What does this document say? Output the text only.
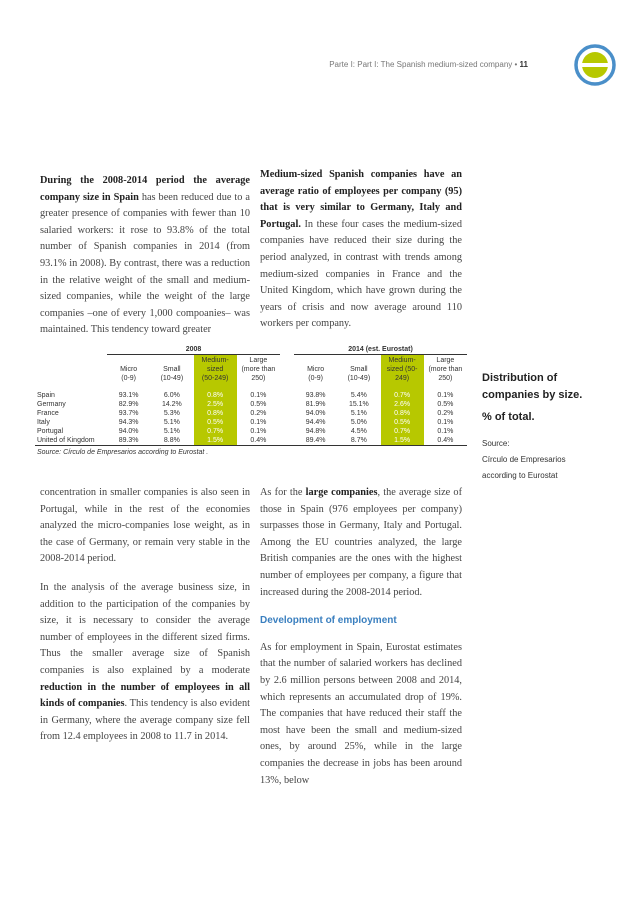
Parte I: Part I: The Spanish medium-sized company • 11

During the 2008-2014 period the average company size in Spain has been reduced due to a greater presence of companies with fewer than 10 salaried workers: it rose to 93.8% of the total number of Spanish companies in 2014 (from 93.1% in 2008). By contrast, there was a reduction in the relative weight of the small and medium-sized companies, while the weight of the large companies –one of every 1,000 compoanies– was maintained. This tendency toward greater

Medium-sized Spanish companies have an average ratio of employees per company (95) that is very similar to Germany, Italy and Portugal. In these four cases the medium-sized companies have reduced their size during the period analyzed, in contrast with trends among medium-sized companies in France and the United Kingdom, which have grown during the years of crisis and now average around 110 workers per company.

	2008					2014 (est. Eurostat)			
			Medium-	Large				Medium-	Large
	Micro	Small	sized	(more than		Micro	Small	sized (50-	(more than
	(0-9)	(10-49)	(50-249)	250)		(0-9)	(10-49)	249)	250)

Spain	93.1%	6.0%	0.8%	0.1%		93.8%	5.4%	0.7%	0.1%
Germany	82.9%	14.2%	2.5%	0.5%		81.9%	15.1%	2.6%	0.5%
France	93.7%	5.3%	0.8%	0.2%		94.0%	5.1%	0.8%	0.2%
Italy	94.3%	5.1%	0.5%	0.1%		94.4%	5.0%	0.5%	0.1%
Portugal	94.0%	5.1%	0.7%	0.1%		94.8%	4.5%	0.7%	0.1%
United of Kingdom	89.3%	8.8%	1.5%	0.4%		89.4%	8.7%	1.5%	0.4%
Source: Círculo de Empresarios according to Eurostat .									
Distribution of
companies by size.
% of total.
Source:
Círculo de Empresarios
according to Eurostat

concentration in smaller companies is also seen in Portugal, while in the rest of the economies analyzed the micro-companies lose weight, as in the case of Germany, or remain very stable in the 2008-2014 period.

In the analysis of the average business size, in addition to the participation of the companies by size, it is necessary to consider the average number of employees in the different sized firms. Thus the smaller average size of Spanish companies is also explained by a moderate reduction in the number of employees in all kinds of companies. This tendency is also evident in Germany, where the average company size fell from 12.4 employees in 2008 to 11.7 in 2014.

As for the large companies, the average size of those in Spain (976 employees per company) surpasses those in Germany, Italy and Portugal. Among the EU countries analyzed, the large British companies are the ones with the highest number of employees per company, a figure that increased during the 2008-2014 period.

Development of employment

As for employment in Spain, Eurostat estimates that the number of salaried workers has declined by 2.6 million persons between 2008 and 2014, which represents an accumulated drop of 19%. The companies that have reduced their staff the most have been the small and medium-sized ones, by around 25%, while in the large companies the decrease in jobs has been around 13%, below
